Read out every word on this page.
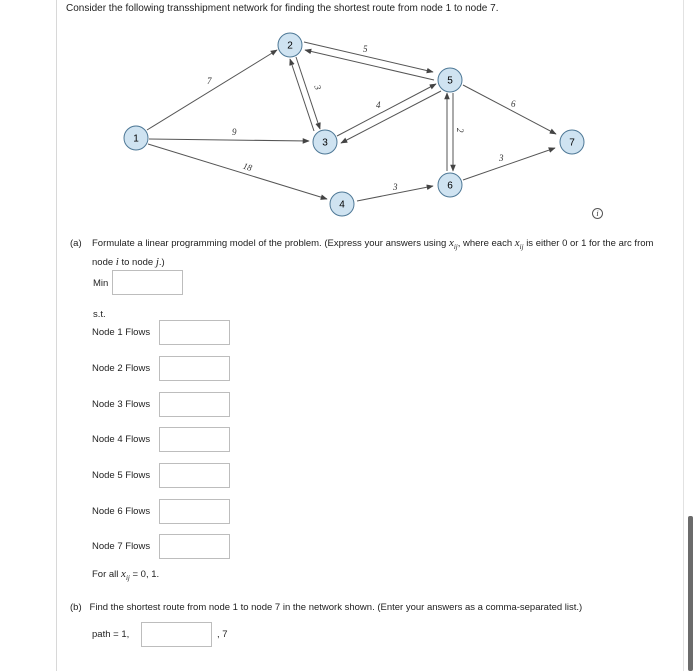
Consider the following transshipment network for finding the shortest route from node 1 to node 7.
7
9
18
3
5
4
3
2
6
3
1
2
3
4
5
6
7
i
(a) Formulate a linear programming model of the problem. (Express your answers using $x_{ij}$, where each $x_{ij}$ is either 0 or 1 for the arc from node i to node j.)
Min
s.t.
Node 1 Flows
Node 2 Flows
Node 3 Flows
Node 4 Flows
Node 5 Flows
Node 6 Flows
Node 7 Flows
For all $x_{ij} = 0$, 1.
(b) Find the shortest route from node 1 to node 7 in the network shown. (Enter your answers as a comma-separated list.)
path = 1,	, 7
